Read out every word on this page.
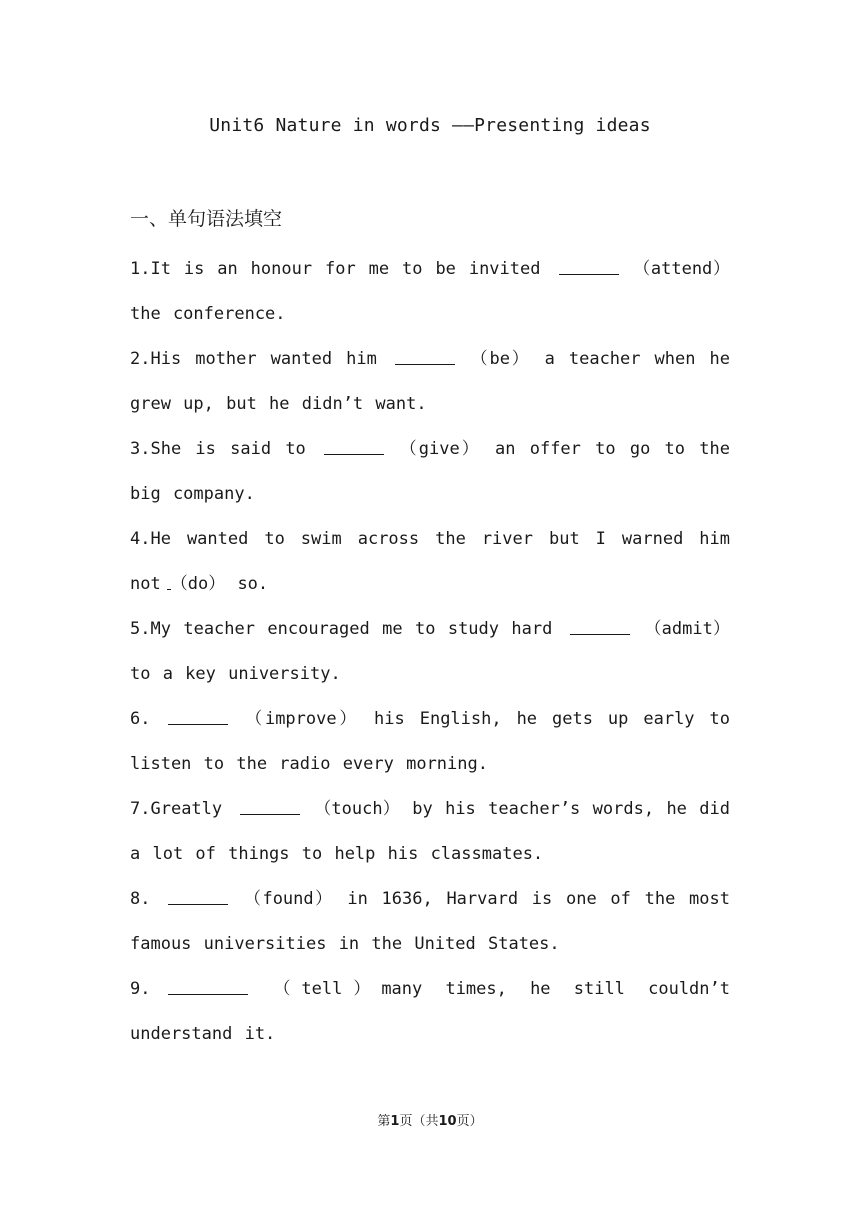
Unit6 Nature in words ——Presenting ideas
一、单句语法填空
1.It is an honour for me to be invited	（attend） the conference.
2.His mother wanted him	（be） a teacher when he grew up, but he didn’t want.
3.She is said to	（give） an offer to go to the big company.
4.He wanted to swim across the river but I warned him not （do） so.
5.My teacher encouraged me to study hard	（admit） to a key university.
6.	（improve） his English, he gets up early to listen to the radio every morning.
7.Greatly	（touch） by his teacher’s words, he did a lot of things to help his classmates.
8.	（found） in 1636, Harvard is one of the most famous universities in the United States.
9.	（tell）many times, he still couldn’t understand it.
第1页（共10页）
